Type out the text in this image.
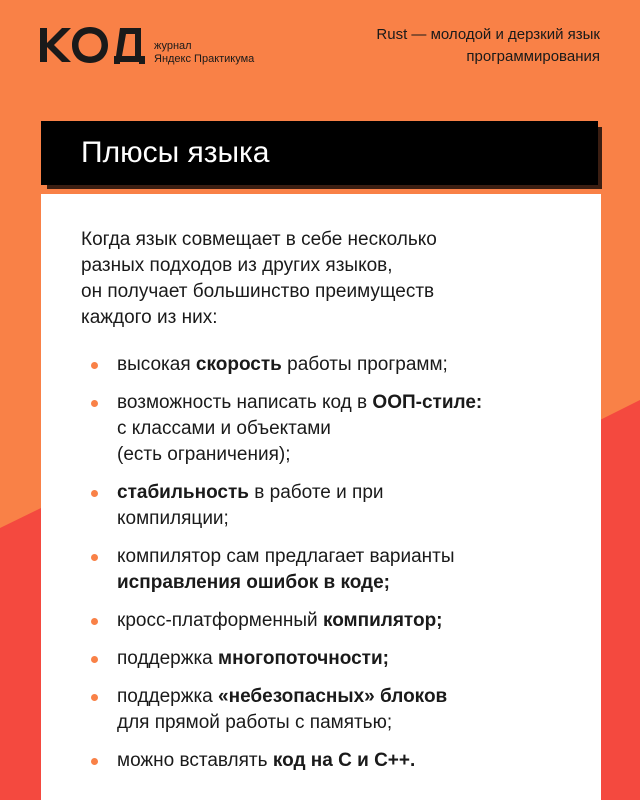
журнал
Яндекс Практикума
Rust — молодой и дерзкий язык
программирования
Плюсы языка
Когда язык совмещает в себе несколько
разных подходов из других языков,
он получает большинство преимуществ
каждого из них:
высокая скорость работы программ;
возможность написать код в ООП-стиле:
с классами и объектами
(есть ограничения);
стабильность в работе и при
компиляции;
компилятор сам предлагает варианты
исправления ошибок в коде;
кросс-платформенный компилятор;
поддержка многопоточности;
поддержка «небезопасных» блоков
для прямой работы с памятью;
можно вставлять код на С и С++.
